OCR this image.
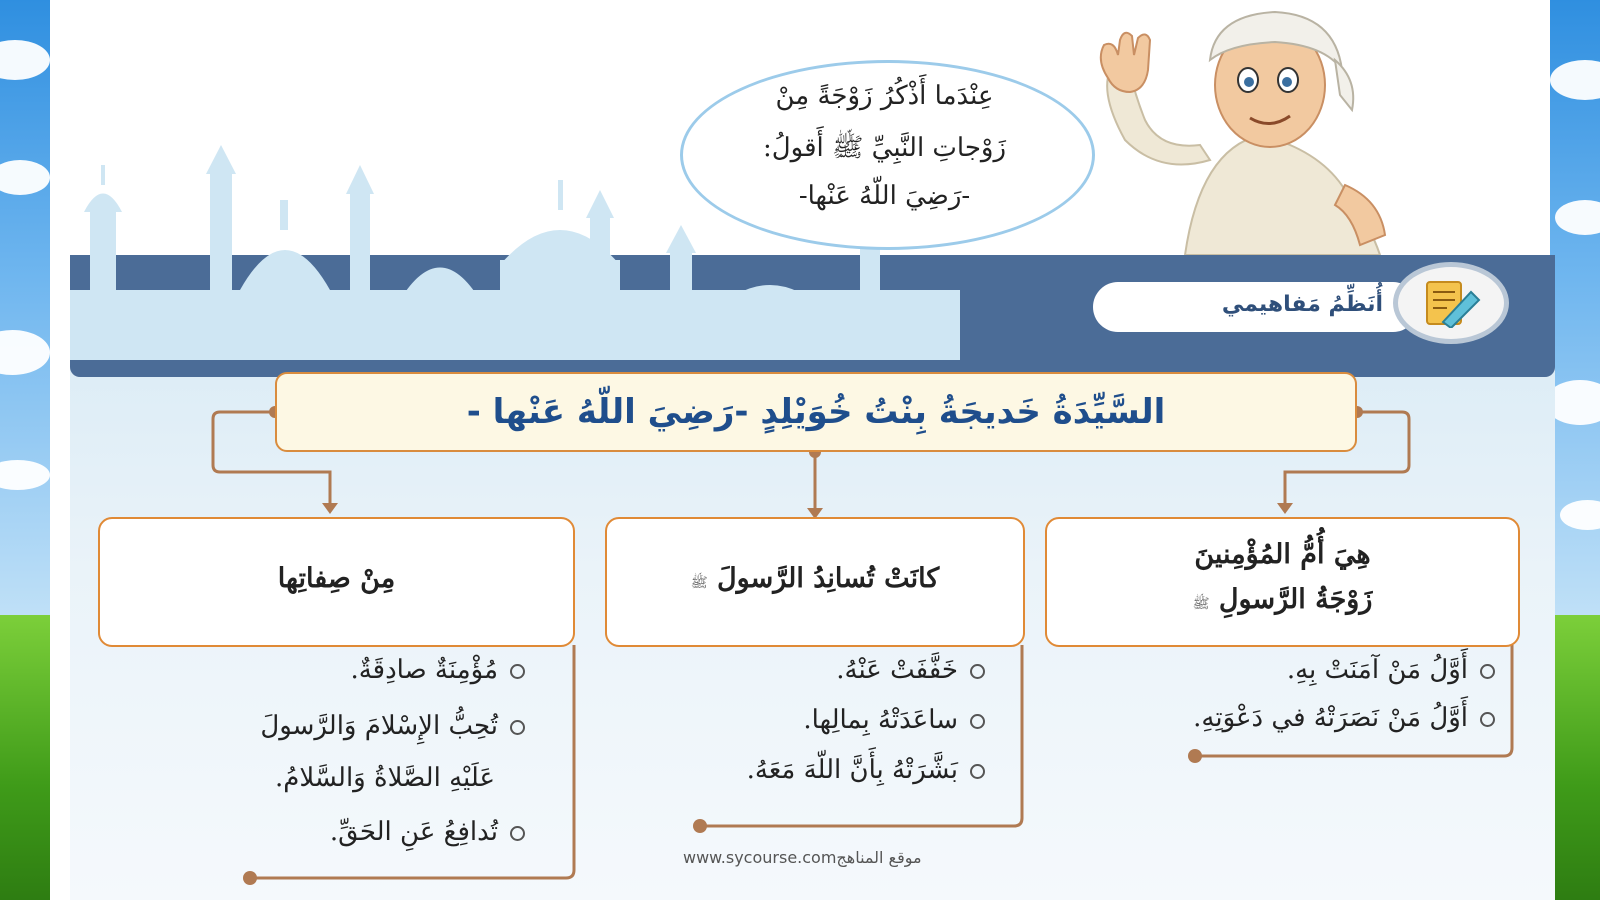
أُنَظِّمُ مَفاهيمي
عِنْدَما أَذْكُرُ زَوْجَةً مِنْ
زَوْجاتِ النَّبِيِّ ﷺ أَقولُ:
-رَضِيَ اللّهُ عَنْها-
السَّيِّدَةُ خَديجَةُ بِنْتُ خُوَيْلِدٍ -رَضِيَ اللّهُ عَنْها -
هِيَ أُمُّ المُؤْمِنينَ
زَوْجَةُ الرَّسولِ ﷺ
كانَتْ تُسانِدُ الرَّسولَ ﷺ
مِنْ صِفاتِها
أَوَّلُ مَنْ آمَنَتْ بِهِ.
أَوَّلُ مَنْ نَصَرَتْهُ في دَعْوَتِهِ.
خَفَّفَتْ عَنْهُ.
ساعَدَتْهُ بِمالِها.
بَشَّرَتْهُ بِأَنَّ اللّهَ مَعَهُ.
مُؤْمِنَةٌ صادِقَةٌ.
تُحِبُّ الإِسْلامَ وَالرَّسولَ
عَلَيْهِ الصَّلاةُ وَالسَّلامُ.
تُدافِعُ عَنِ الحَقِّ.
www.sycourse.comموقع المناهج
